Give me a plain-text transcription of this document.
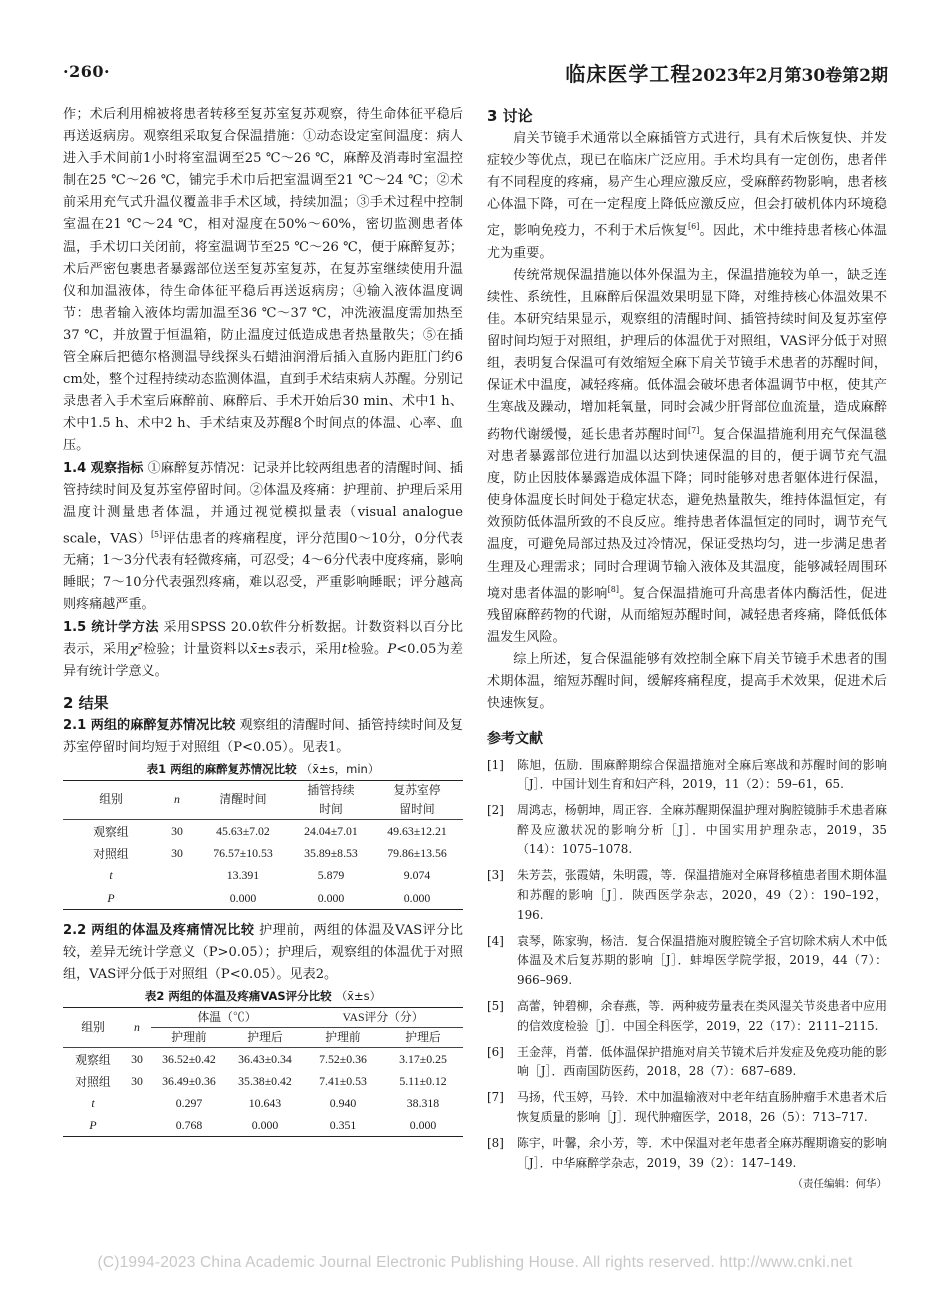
·260·	临床医学工程2023年2月第30卷第2期

作；术后利用棉被将患者转移至复苏室复苏观察，待生命体征平稳后再送返病房。观察组采取复合保温措施：①动态设定室间温度：病人进入手术间前1小时将室温调至25 ℃～26 ℃，麻醉及消毒时室温控制在25 ℃～26 ℃，铺完手术巾后把室温调至21 ℃～24 ℃；②术前采用充气式升温仪覆盖非手术区域，持续加温；③手术过程中控制室温在21 ℃～24 ℃，相对湿度在50%～60%，密切监测患者体温，手术切口关闭前，将室温调节至25 ℃～26 ℃，便于麻醉复苏；术后严密包裹患者暴露部位送至复苏室复苏，在复苏室继续使用升温仪和加温液体，待生命体征平稳后再送返病房；④输入液体温度调节：患者输入液体均需加温至36 ℃～37 ℃，冲洗液温度需加热至37 ℃，并放置于恒温箱，防止温度过低造成患者热量散失；⑤在插管全麻后把德尔格测温导线探头石蜡油润滑后插入直肠内距肛门约6 cm处，整个过程持续动态监测体温，直到手术结束病人苏醒。分别记录患者入手术室后麻醉前、麻醉后、手术开始后30 min、术中1 h、术中1.5 h、术中2 h、手术结束及苏醒8个时间点的体温、心率、血压。

1.4 观察指标 ①麻醉复苏情况：记录并比较两组患者的清醒时间、插管持续时间及复苏室停留时间。②体温及疼痛：护理前、护理后采用温度计测量患者体温，并通过视觉模拟量表（visual analogue scale，VAS）[5]评估患者的疼痛程度，评分范围0～10分，0分代表无痛；1～3分代表有轻微疼痛，可忍受；4～6分代表中度疼痛，影响睡眠；7～10分代表强烈疼痛，难以忍受，严重影响睡眠；评分越高则疼痛越严重。

1.5 统计学方法 采用SPSS 20.0软件分析数据。计数资料以百分比表示，采用χ²检验；计量资料以x̄±s表示，采用t检验。P<0.05为差异有统计学意义。

2 结果

2.1 两组的麻醉复苏情况比较 观察组的清醒时间、插管持续时间及复苏室停留时间均短于对照组（P<0.05）。见表1。

表1 两组的麻醉复苏情况比较 （x̄±s，min）
组别	n	清醒时间	插管持续	复苏室停
			时间	留时间
观察组	30	45.63±7.02	24.04±7.01	49.63±12.21
对照组	30	76.57±10.53	35.89±8.53	79.86±13.56
t		13.391	5.879	9.074
P		0.000	0.000	0.000

2.2 两组的体温及疼痛情况比较 护理前，两组的体温及VAS评分比较，差异无统计学意义（P>0.05）；护理后，观察组的体温优于对照组，VAS评分低于对照组（P<0.05）。见表2。

表2 两组的体温及疼痛VAS评分比较 （x̄±s）
组别	n	体温（℃）		VAS评分（分）	
		护理前	护理后	护理前	护理后
观察组	30	36.52±0.42	36.43±0.34	7.52±0.36	3.17±0.25
对照组	30	36.49±0.36	35.38±0.42	7.41±0.53	5.11±0.12
t		0.297	10.643	0.940	38.318
P		0.768	0.000	0.351	0.000
3 讨论

肩关节镜手术通常以全麻插管方式进行，具有术后恢复快、并发症较少等优点，现已在临床广泛应用。手术均具有一定创伤，患者伴有不同程度的疼痛，易产生心理应激反应，受麻醉药物影响，患者核心体温下降，可在一定程度上降低应激反应，但会打破机体内环境稳定，影响免疫力，不利于术后恢复[6]。因此，术中维持患者核心体温尤为重要。

传统常规保温措施以体外保温为主，保温措施较为单一，缺乏连续性、系统性，且麻醉后保温效果明显下降，对维持核心体温效果不佳。本研究结果显示，观察组的清醒时间、插管持续时间及复苏室停留时间均短于对照组，护理后的体温优于对照组，VAS评分低于对照组，表明复合保温可有效缩短全麻下肩关节镜手术患者的苏醒时间，保证术中温度，减轻疼痛。低体温会破坏患者体温调节中枢，使其产生寒战及躁动，增加耗氧量，同时会减少肝肾部位血流量，造成麻醉药物代谢缓慢，延长患者苏醒时间[7]。复合保温措施利用充气保温毯对患者暴露部位进行加温以达到快速保温的目的，便于调节充气温度，防止因肢体暴露造成体温下降；同时能够对患者躯体进行保温，使身体温度长时间处于稳定状态，避免热量散失，维持体温恒定，有效预防低体温所致的不良反应。维持患者体温恒定的同时，调节充气温度，可避免局部过热及过冷情况，保证受热均匀，进一步满足患者生理及心理需求；同时合理调节输入液体及其温度，能够减轻周围环境对患者体温的影响[8]。复合保温措施可升高患者体内酶活性，促进残留麻醉药物的代谢，从而缩短苏醒时间，减轻患者疼痛，降低低体温发生风险。

综上所述，复合保温能够有效控制全麻下肩关节镜手术患者的围术期体温，缩短苏醒时间，缓解疼痛程度，提高手术效果，促进术后快速恢复。

参考文献
[1]	陈旭，伍励．围麻醉期综合保温措施对全麻后寒战和苏醒时间的影响［J］．中国计划生育和妇产科，2019，11（2）：59–61，65.
[2]	周鸿志，杨朝坤，周正容．全麻苏醒期保温护理对胸腔镜肺手术患者麻醉及应激状况的影响分析［J］．中国实用护理杂志，2019，35（14）：1075–1078.
[3]	朱芳芸，张霞婧，朱明霞，等．保温措施对全麻肾移植患者围术期体温和苏醒的影响［J］．陕西医学杂志，2020，49（2）：190–192，196.
[4]	袁琴，陈家驹，杨洁．复合保温措施对腹腔镜全子宫切除术病人术中低体温及术后复苏期的影响［J］．蚌埠医学院学报，2019，44（7）：966–969.
[5]	高蕾，钟碧柳，余春燕，等．两种疲劳量表在类风湿关节炎患者中应用的信效度检验［J］．中国全科医学，2019，22（17）：2111–2115.
[6]	王金萍，肖蕾．低体温保护措施对肩关节镜术后并发症及免疫功能的影响［J］．西南国防医药，2018，28（7）：687–689.
[7]	马扬，代玉婷，马铃．术中加温输液对中老年结直肠肿瘤手术患者术后恢复质量的影响［J］．现代肿瘤医学，2018，26（5）：713–717.
[8]	陈宇，叶馨，余小芳，等．术中保温对老年患者全麻苏醒期谵妄的影响［J］．中华麻醉学杂志，2019，39（2）：147–149.
（责任编辑：何华）
(C)1994-2023 China Academic Journal Electronic Publishing House. All rights reserved. http://www.cnki.net
